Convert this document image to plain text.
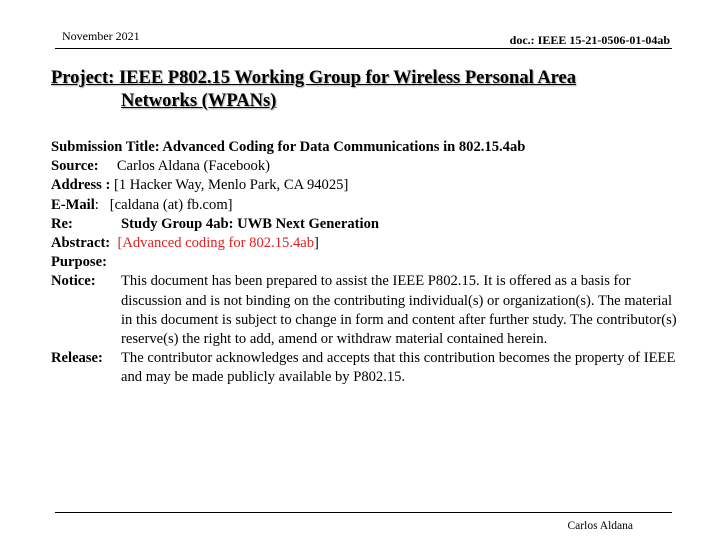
November 2021	doc.: IEEE 15-21-0506-01-04ab
Project: IEEE P802.15 Working Group for Wireless Personal Area
Networks (WPANs)
Submission Title: Advanced Coding for Data Communications in 802.15.4ab
Source: Carlos Aldana (Facebook)
Address : [1 Hacker Way, Menlo Park, CA 94025]
E-Mail:   [caldana (at) fb.com]
Re:	Study Group 4ab: UWB Next Generation
Abstract: [Advanced coding for 802.15.4ab]
Purpose:
Notice:	This document has been prepared to assist the IEEE P802.15. It is offered as a basis for discussion and is not binding on the contributing individual(s) or organization(s). The material in this document is subject to change in form and content after further study. The contributor(s) reserve(s) the right to add, amend or withdraw material contained herein.
Release:	The contributor acknowledges and accepts that this contribution becomes the property of IEEE and may be made publicly available by P802.15.
Carlos Aldana
